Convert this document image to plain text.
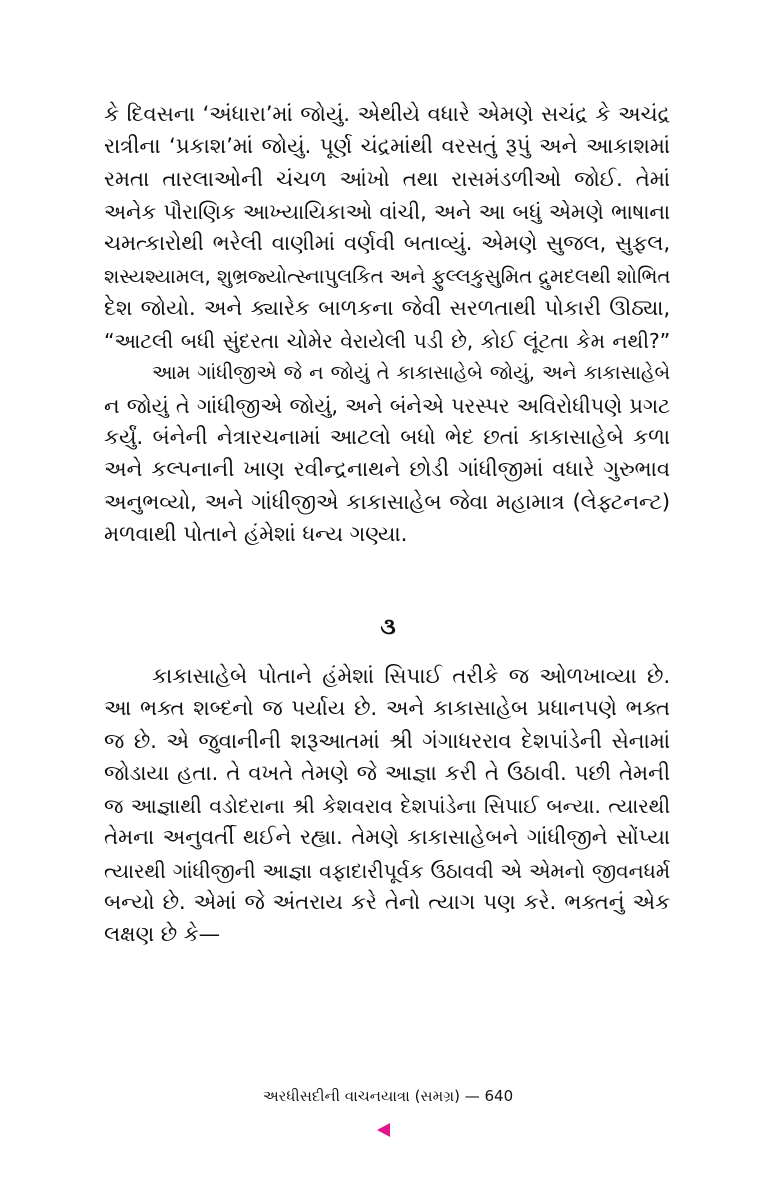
કે દિવસના ‘અંધારા’માં જોયું. એથીયે વધારે એમણે સચંદ્ર કે અચંદ્ર
રાત્રીના ‘પ્રકાશ’માં જોયું. પૂર્ણ ચંદ્રમાંથી વરસતું રૂપું અને આકાશમાં
રમતા તારલાઓની ચંચળ આંખો તથા રાસમંડળીઓ જોઈ. તેમાં
અનેક પૌરાણિક આખ્યાયિકાઓ વાંચી, અને આ બધું એમણે ભાષાના
ચમત્કારોથી ભરેલી વાણીમાં વર્ણવી બતાવ્યું. એમણે સુજલ, સુફલ,
શસ્યશ્યામલ, શુભ્રજ્યોત્સ્નાપુલકિત અને ફુલ્લકુસુમિત દ્રુમદલથી શોભિત
દેશ જોયો. અને ક્યારેક બાળકના જેવી સરળતાથી પોકારી ઊઠ્યા,
“આટલી બધી સુંદરતા ચોમેર વેરાયેલી પડી છે, કોઈ લૂંટતા કેમ નથી?”
આમ ગાંધીજીએ જે ન જોયું તે કાકાસાહેબે જોયું, અને કાકાસાહેબે
ન જોયું તે ગાંધીજીએ જોયું, અને બંનેએ પરસ્પર અવિરોધીપણે પ્રગટ
કર્યું. બંનેની નેત્રારચનામાં આટલો બધો ભેદ છતાં કાકાસાહેબે કળા
અને કલ્પનાની ખાણ રવીન્દ્રનાથને છોડી ગાંધીજીમાં વધારે ગુરુભાવ
અનુભવ્યો, અને ગાંધીજીએ કાકાસાહેબ જેવા મહામાત્ર (લેફ્ટનન્ટ)
મળવાથી પોતાને હંમેશાં ધન્ય ગણ્યા.
૩
કાકાસાહેબે પોતાને હંમેશાં સિપાઈ તરીકે જ ઓળખાવ્યા છે.
આ ભક્ત શબ્દનો જ પર્યાય છે. અને કાકાસાહેબ પ્રધાનપણે ભક્ત
જ છે. એ જુવાનીની શરૂઆતમાં શ્રી ગંગાધરરાવ દેશપાંડેની સેનામાં
જોડાયા હતા. તે વખતે તેમણે જે આજ્ઞા કરી તે ઉઠાવી. પછી તેમની
જ આજ્ઞાથી વડોદરાના શ્રી કેશવરાવ દેશપાંડેના સિપાઈ બન્યા. ત્યારથી
તેમના અનુવર્તી થઈને રહ્યા. તેમણે કાકાસાહેબને ગાંધીજીને સોંપ્યા
ત્યારથી ગાંધીજીની આજ્ઞા વફાદારીપૂર્વક ઉઠાવવી એ એમનો જીવનધર્મ
બન્યો છે. એમાં જે અંતરાય કરે તેનો ત્યાગ પણ કરે. ભક્તનું એક
લક્ષણ છે કે—
અરધીસદીની વાચનયાત્રા (સમગ્ર) — 640
